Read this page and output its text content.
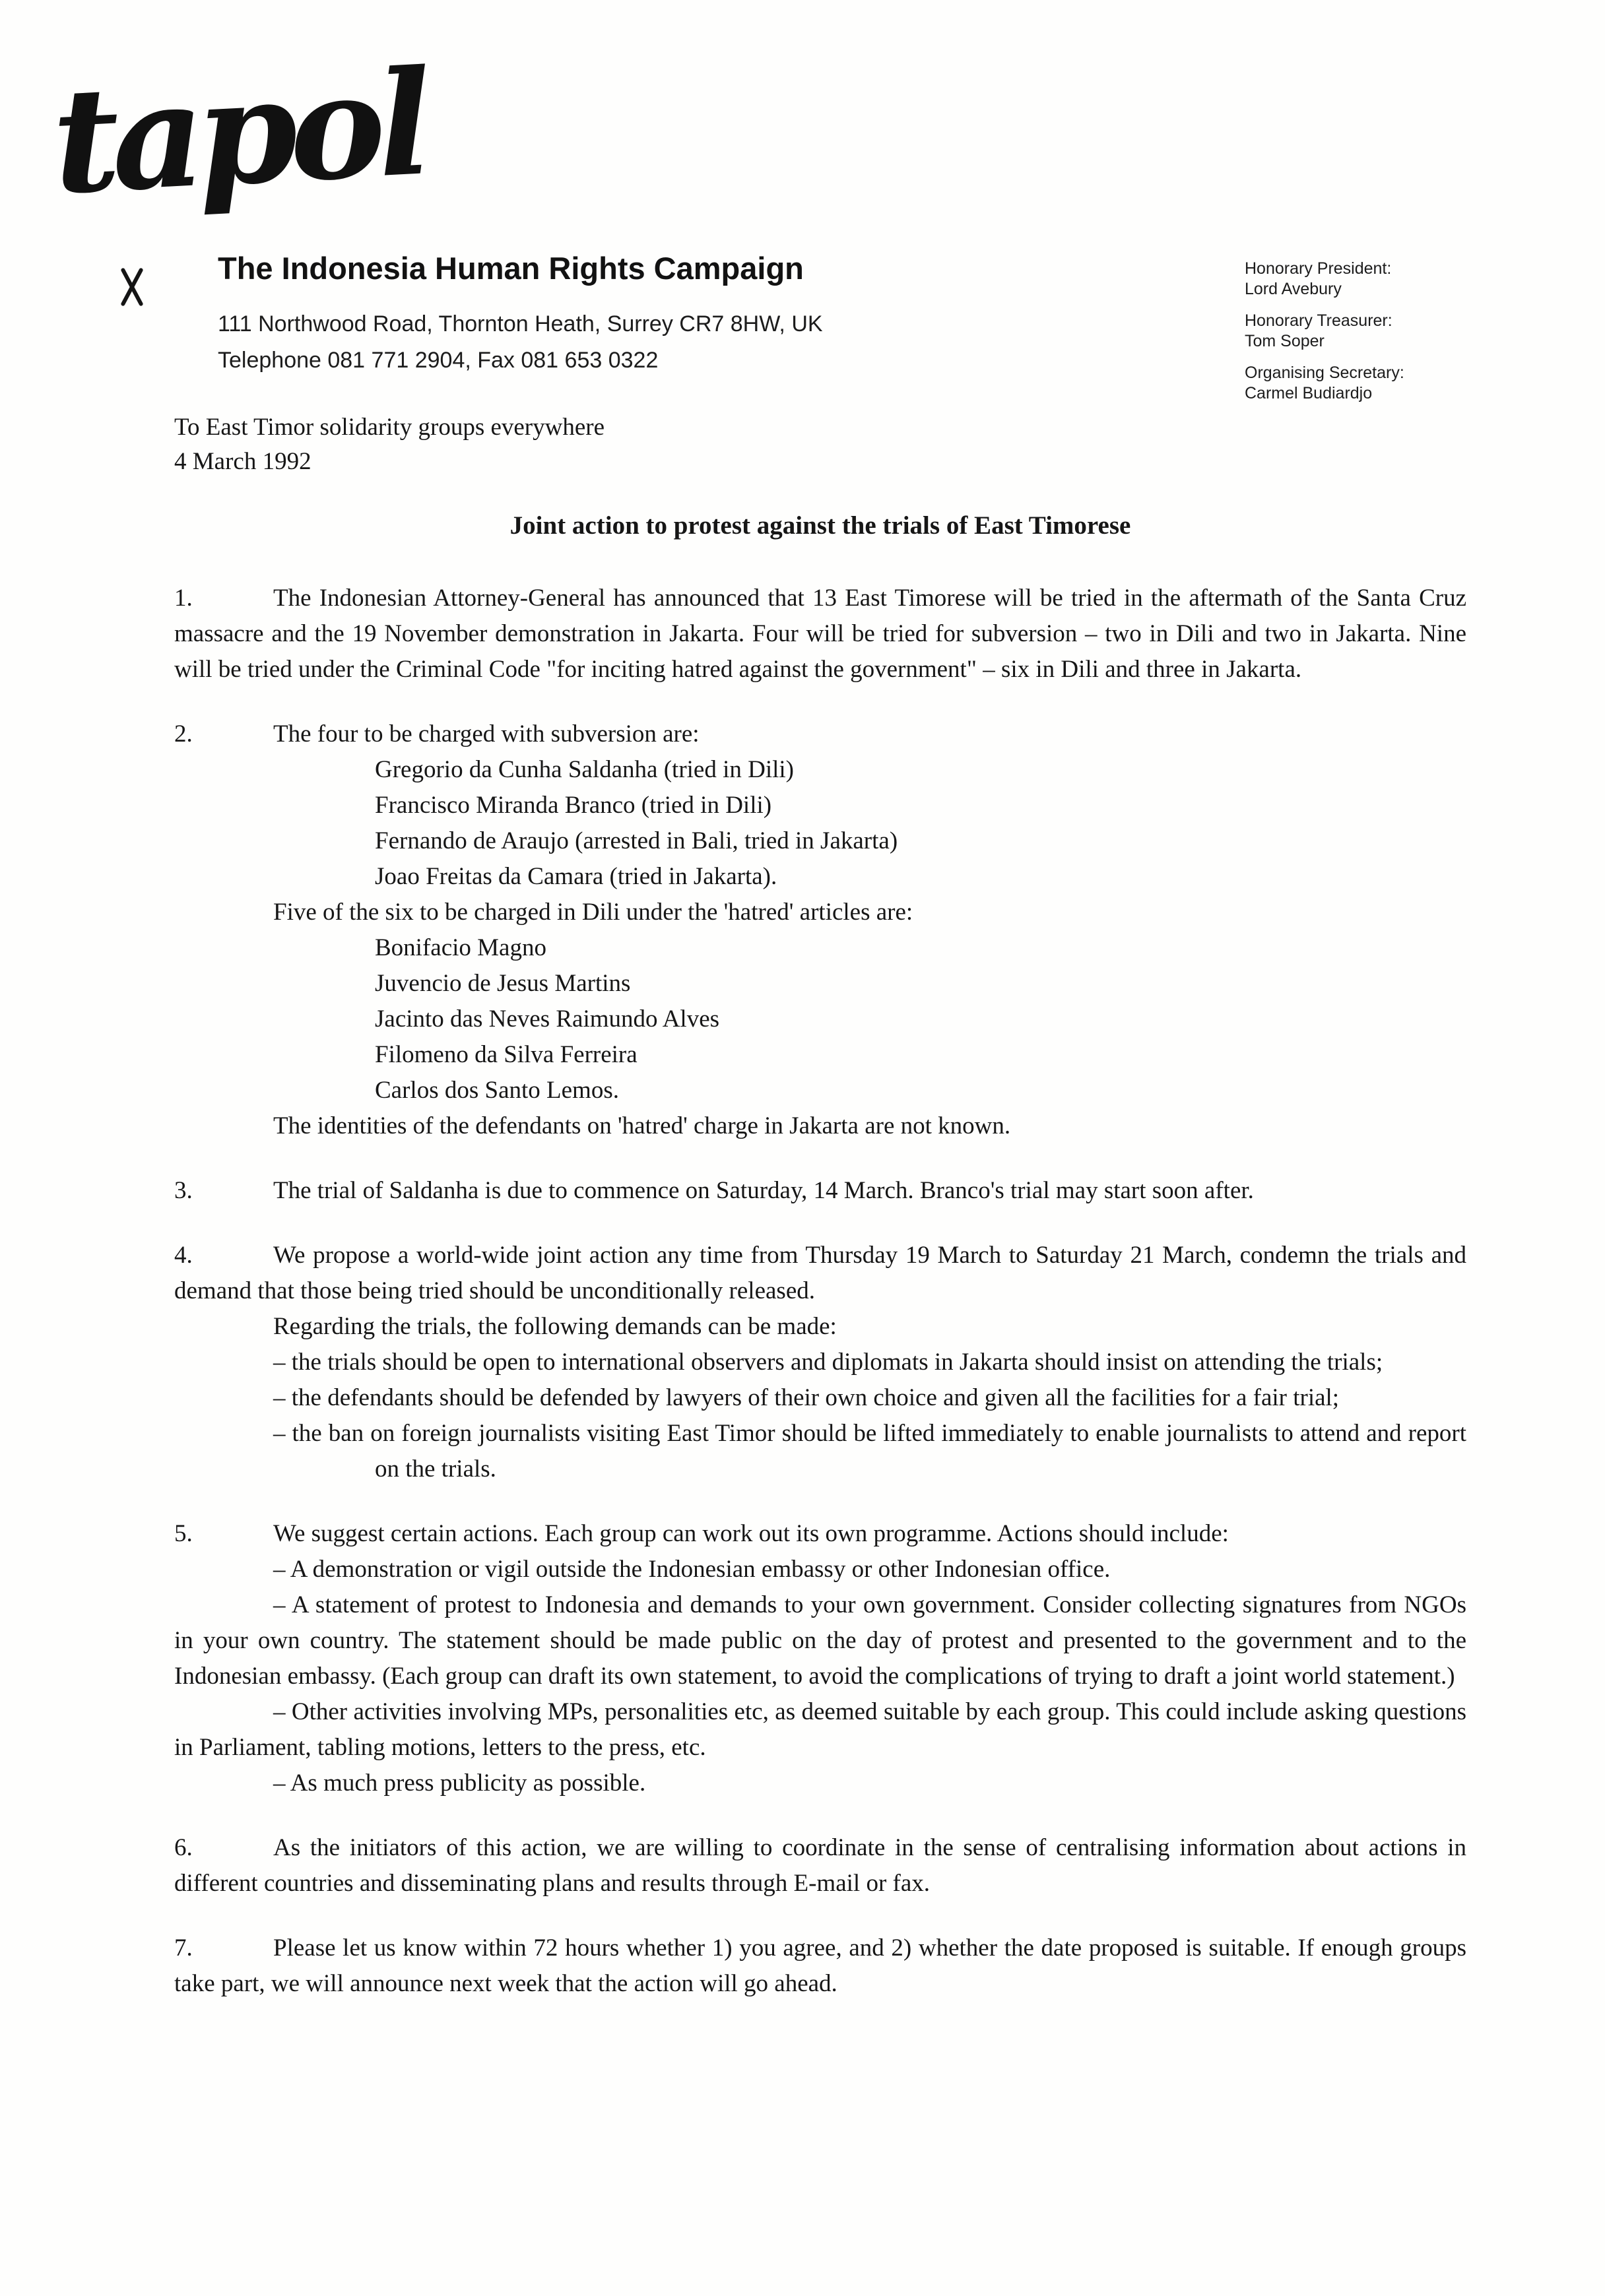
tapol
The Indonesia Human Rights Campaign
111 Northwood Road, Thornton Heath, Surrey CR7 8HW, UK
Telephone 081 771 2904, Fax 081 653 0322
Honorary President:
Lord Avebury
Honorary Treasurer:
Tom Soper
Organising Secretary:
Carmel Budiardjo
To East Timor solidarity groups everywhere
4 March 1992
Joint action to protest against the trials of East Timorese

1.	The Indonesian Attorney-General has announced that 13 East Timorese will be tried in the aftermath of the Santa Cruz massacre and the 19 November demonstration in Jakarta. Four will be tried for subversion – two in Dili and two in Jakarta. Nine will be tried under the Criminal Code "for inciting hatred against the government" – six in Dili and three in Jakarta.

2.	The four to be charged with subversion are:

Gregorio da Cunha Saldanha (tried in Dili)
Francisco Miranda Branco (tried in Dili)
Fernando de Araujo (arrested in Bali, tried in Jakarta)
Joao Freitas da Camara (tried in Jakarta).
Five of the six to be charged in Dili under the 'hatred' articles are:
Bonifacio Magno
Juvencio de Jesus Martins
Jacinto das Neves Raimundo Alves
Filomeno da Silva Ferreira
Carlos dos Santo Lemos.
The identities of the defendants on 'hatred' charge in Jakarta are not known.

3.	The trial of Saldanha is due to commence on Saturday, 14 March. Branco's trial may start soon after.

4.	We propose a world-wide joint action any time from Thursday 19 March to Saturday 21 March, condemn the trials and demand that those being tried should be unconditionally released.

Regarding the trials, the following demands can be made:
– the trials should be open to international observers and diplomats in Jakarta should insist on attending the trials;
– the defendants should be defended by lawyers of their own choice and given all the facilities for a fair trial;
– the ban on foreign journalists visiting East Timor should be lifted immediately to enable journalists to attend and report on the trials.

5.	We suggest certain actions. Each group can work out its own programme. Actions should include:

– A demonstration or vigil outside the Indonesian embassy or other Indonesian office.
– A statement of protest to Indonesia and demands to your own government. Consider collecting signatures from NGOs in your own country. The statement should be made public on the day of protest and presented to the government and to the Indonesian embassy. (Each group can draft its own statement, to avoid the complications of trying to draft a joint world statement.)
– Other activities involving MPs, personalities etc, as deemed suitable by each group. This could include asking questions in Parliament, tabling motions, letters to the press, etc.
– As much press publicity as possible.

6.	As the initiators of this action, we are willing to coordinate in the sense of centralising information about actions in different countries and disseminating plans and results through E-mail or fax.

7.	Please let us know within 72 hours whether 1) you agree, and 2) whether the date proposed is suitable. If enough groups take part, we will announce next week that the action will go ahead.
